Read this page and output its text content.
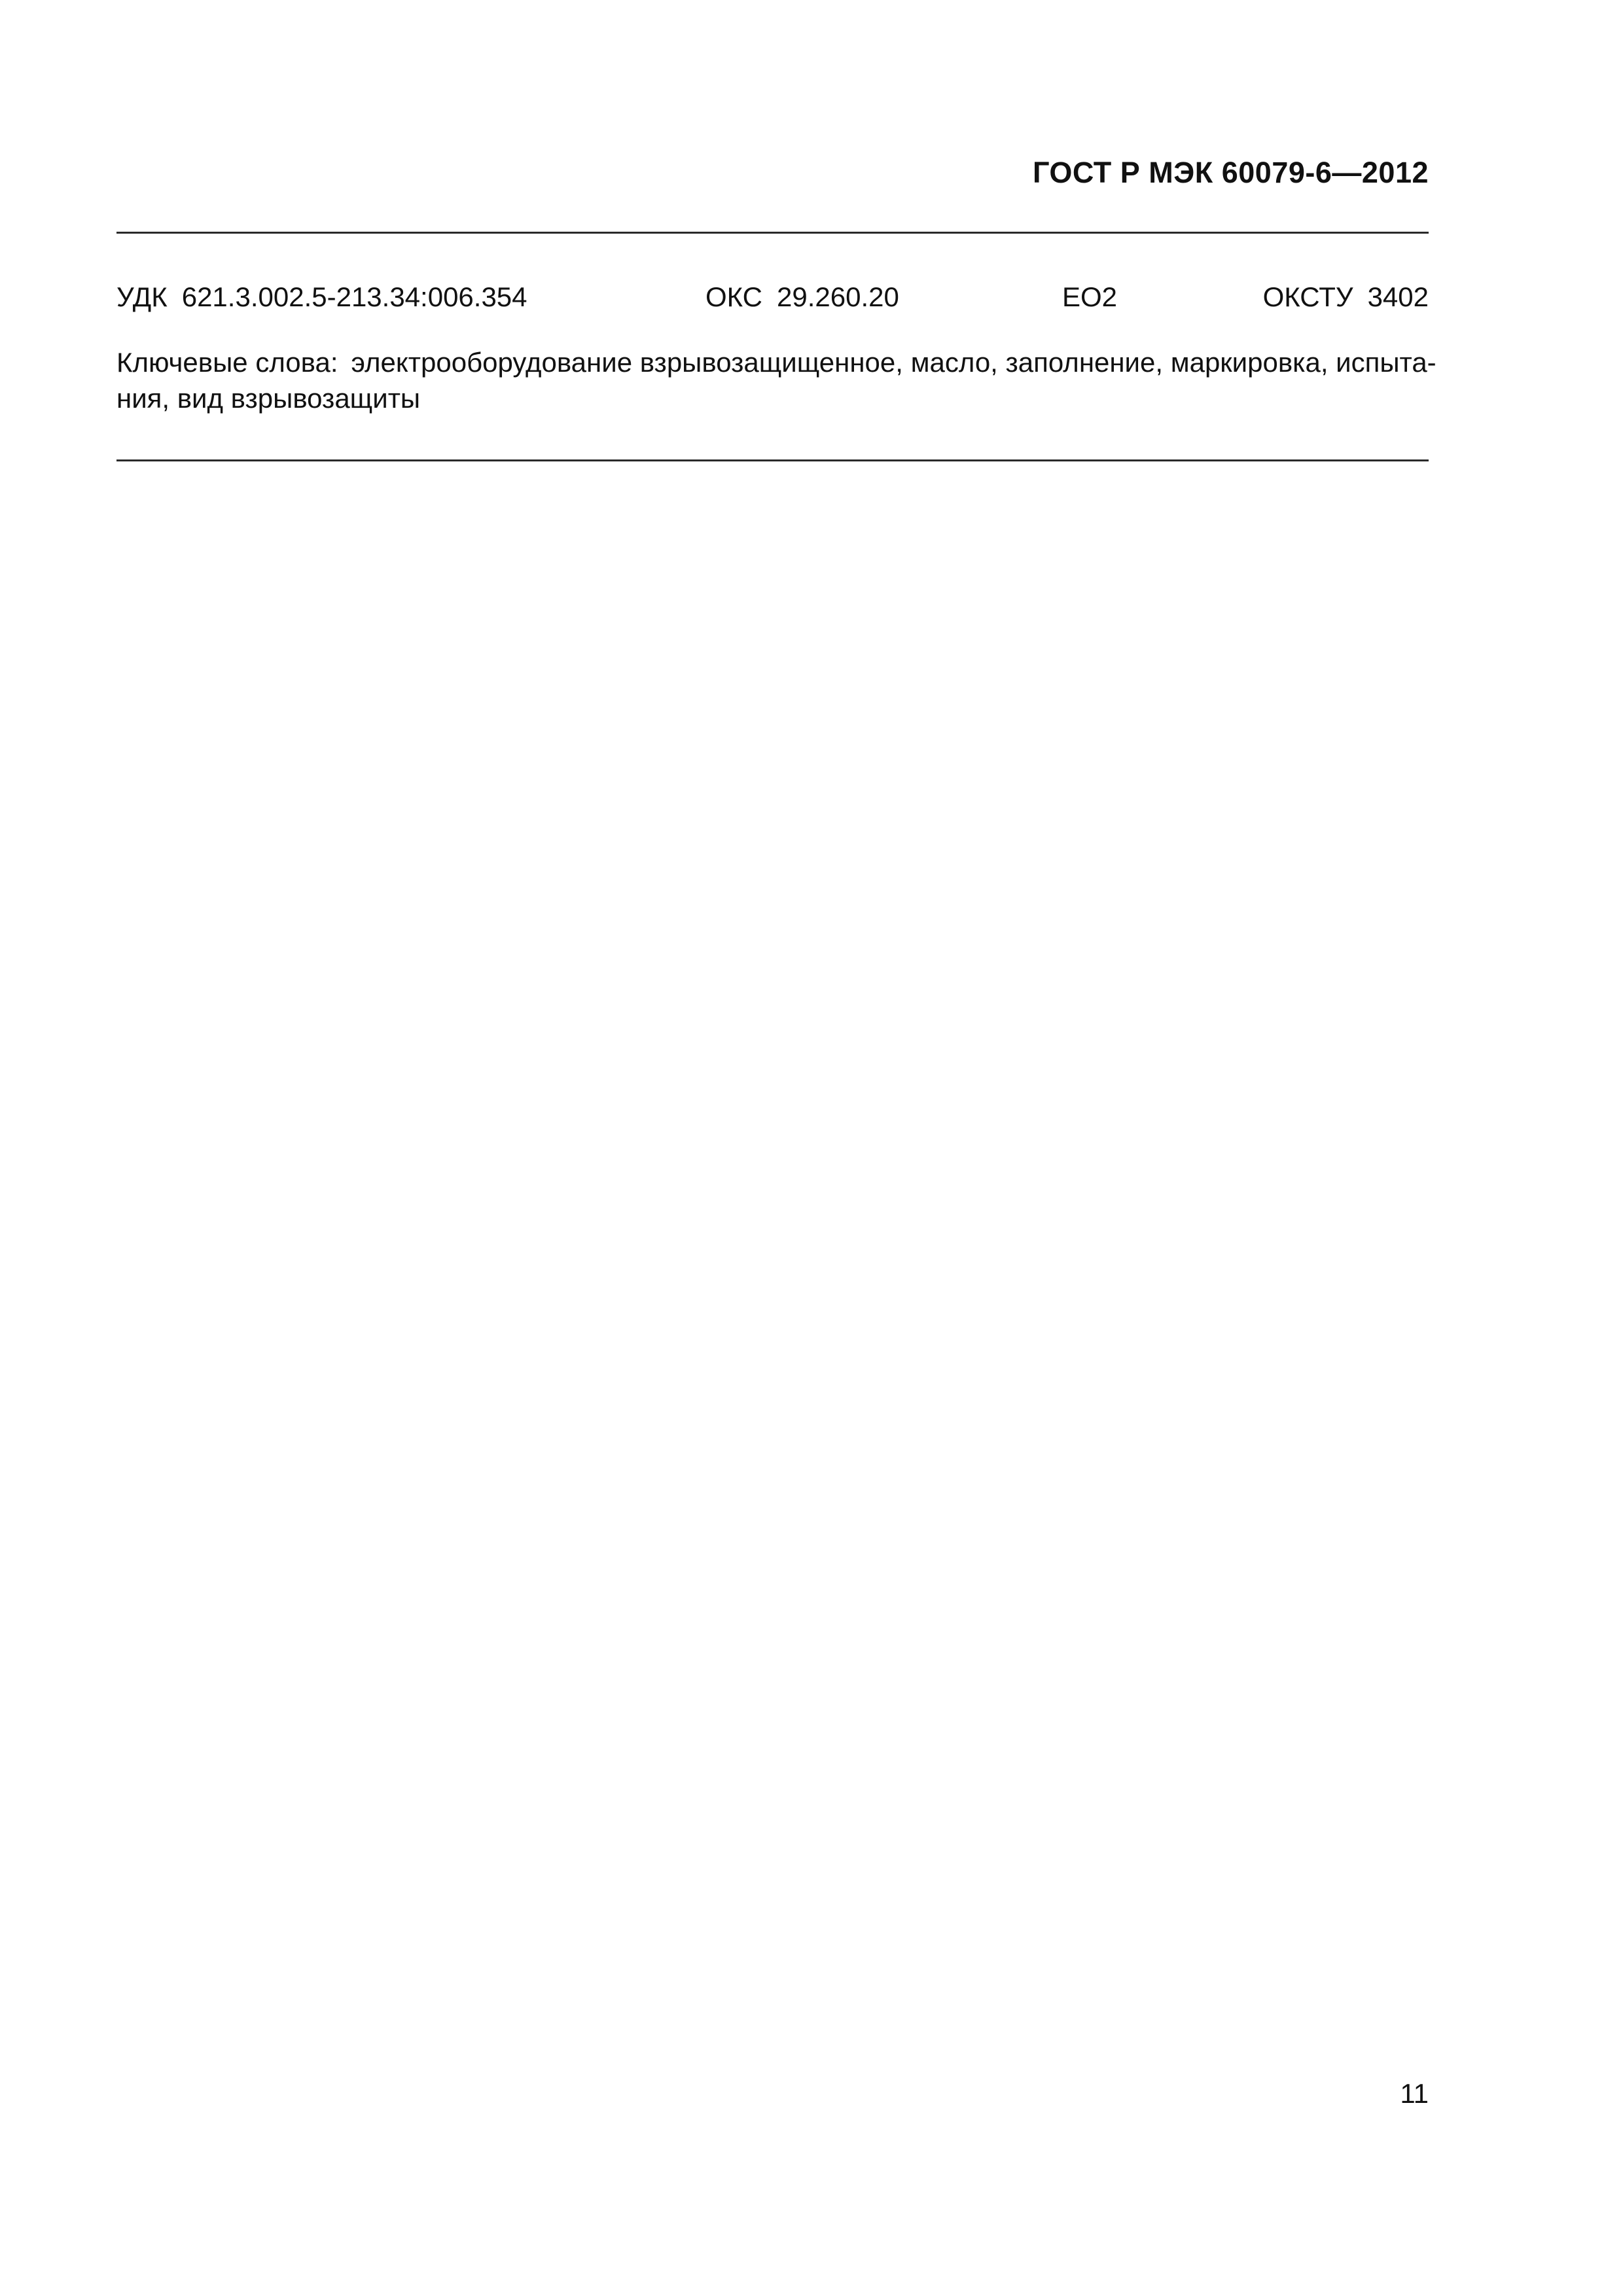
ГОСТ Р МЭК 60079-6—2012
УДК 621.3.002.5-213.34:006.354	ОКС 29.260.20	ЕО2	ОКСТУ 3402
Ключевые слова: электрооборудование взрывозащищенное, масло, заполнение, маркировка, испыта-
ния, вид взрывозащиты
11
